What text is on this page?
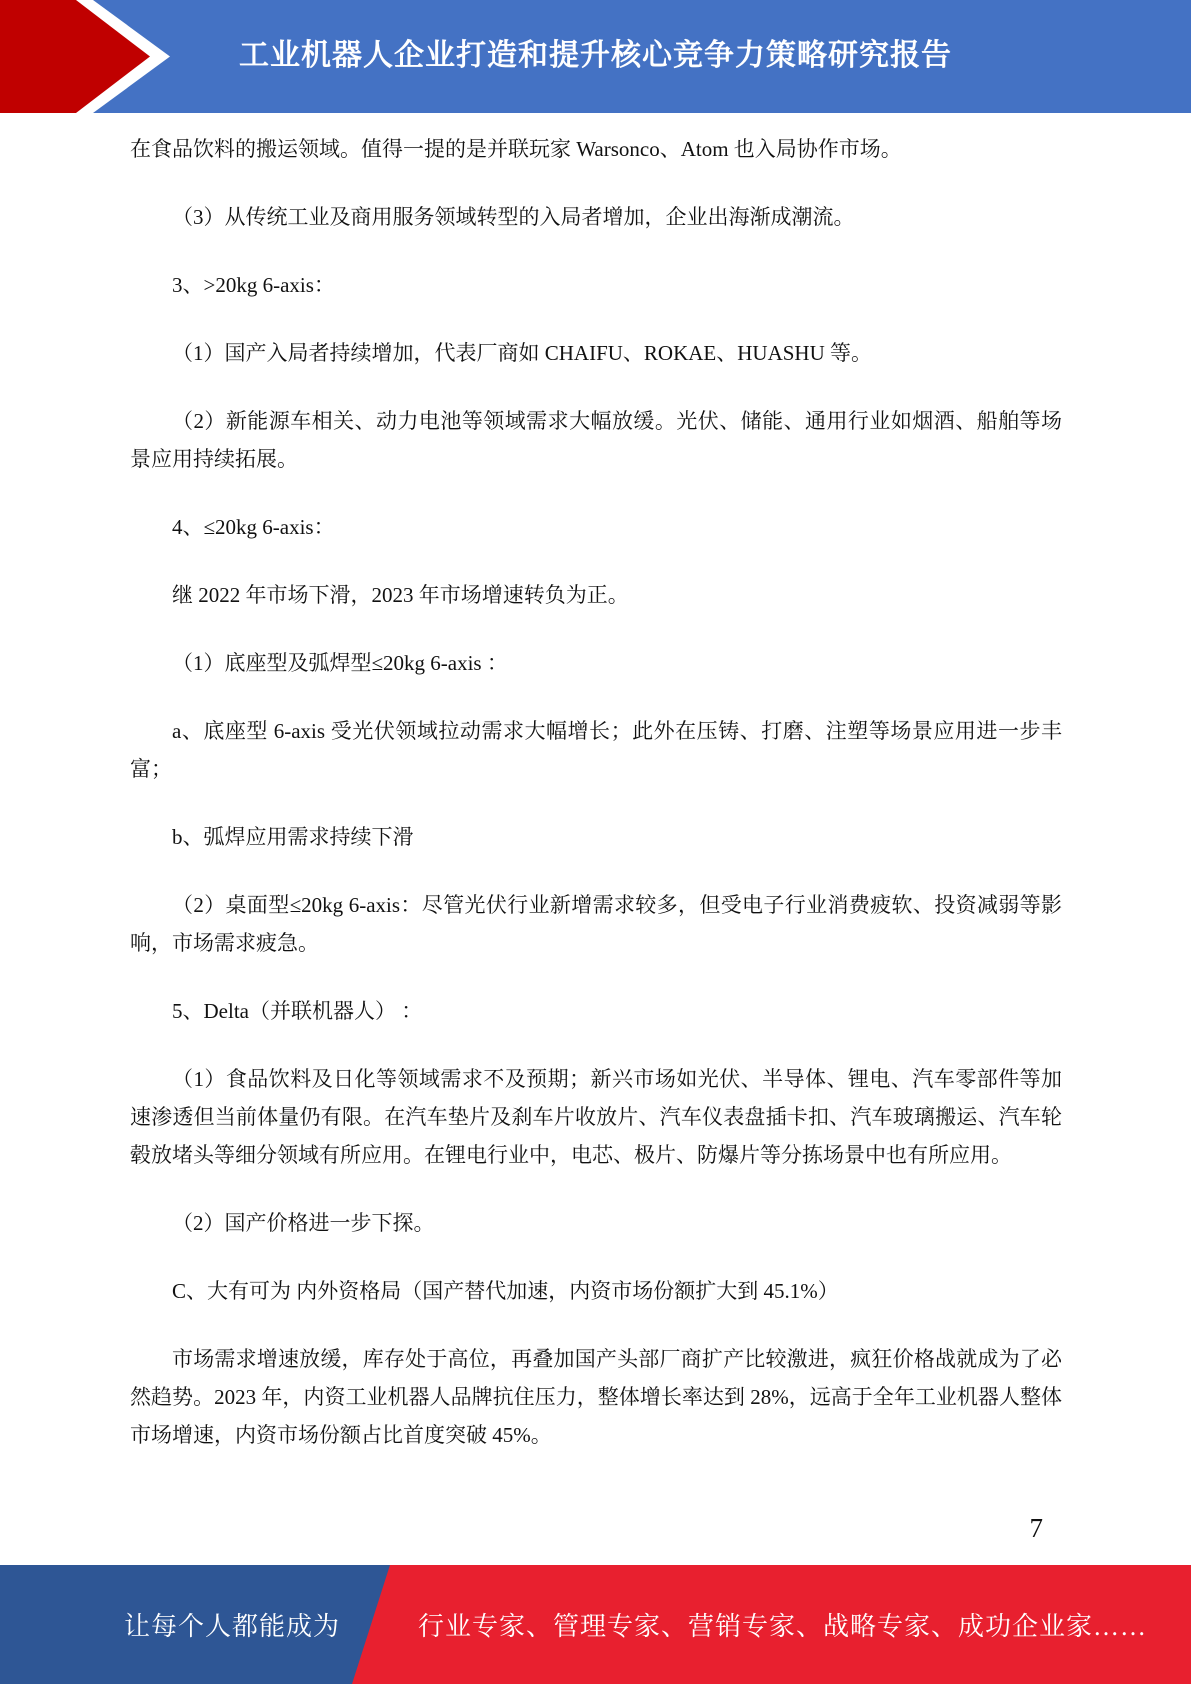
工业机器人企业打造和提升核心竞争力策略研究报告

在食品饮料的搬运领域。值得一提的是并联玩家 Warsonco、Atom 也入局协作市场。

（3）从传统工业及商用服务领域转型的入局者增加，企业出海渐成潮流。

3、>20kg 6-axis：

（1）国产入局者持续增加，代表厂商如 CHAIFU、ROKAE、HUASHU 等。

（2）新能源车相关、动力电池等领域需求大幅放缓。光伏、储能、通用行业如烟酒、船舶等场景应用持续拓展。

4、≤20kg 6-axis：

继 2022 年市场下滑，2023 年市场增速转负为正。

（1）底座型及弧焊型≤20kg 6-axis ：

a、底座型 6-axis 受光伏领域拉动需求大幅增长；此外在压铸、打磨、注塑等场景应用进一步丰富；

b、弧焊应用需求持续下滑

（2）桌面型≤20kg 6-axis：尽管光伏行业新增需求较多，但受电子行业消费疲软、投资减弱等影响，市场需求疲急。

5、Delta（并联机器人） ：

（1）食品饮料及日化等领域需求不及预期；新兴市场如光伏、半导体、锂电、汽车零部件等加速渗透但当前体量仍有限。在汽车垫片及刹车片收放片、汽车仪表盘插卡扣、汽车玻璃搬运、汽车轮毂放堵头等细分领域有所应用。在锂电行业中，电芯、极片、防爆片等分拣场景中也有所应用。

（2）国产价格进一步下探。

C、大有可为 内外资格局（国产替代加速，内资市场份额扩大到 45.1%）

市场需求增速放缓，库存处于高位，再叠加国产头部厂商扩产比较激进，疯狂价格战就成为了必然趋势。2023 年，内资工业机器人品牌抗住压力，整体增长率达到 28%，远高于全年工业机器人整体市场增速，内资市场份额占比首度突破 45%。

7
让每个人都能成为	行业专家、管理专家、营销专家、战略专家、成功企业家……
